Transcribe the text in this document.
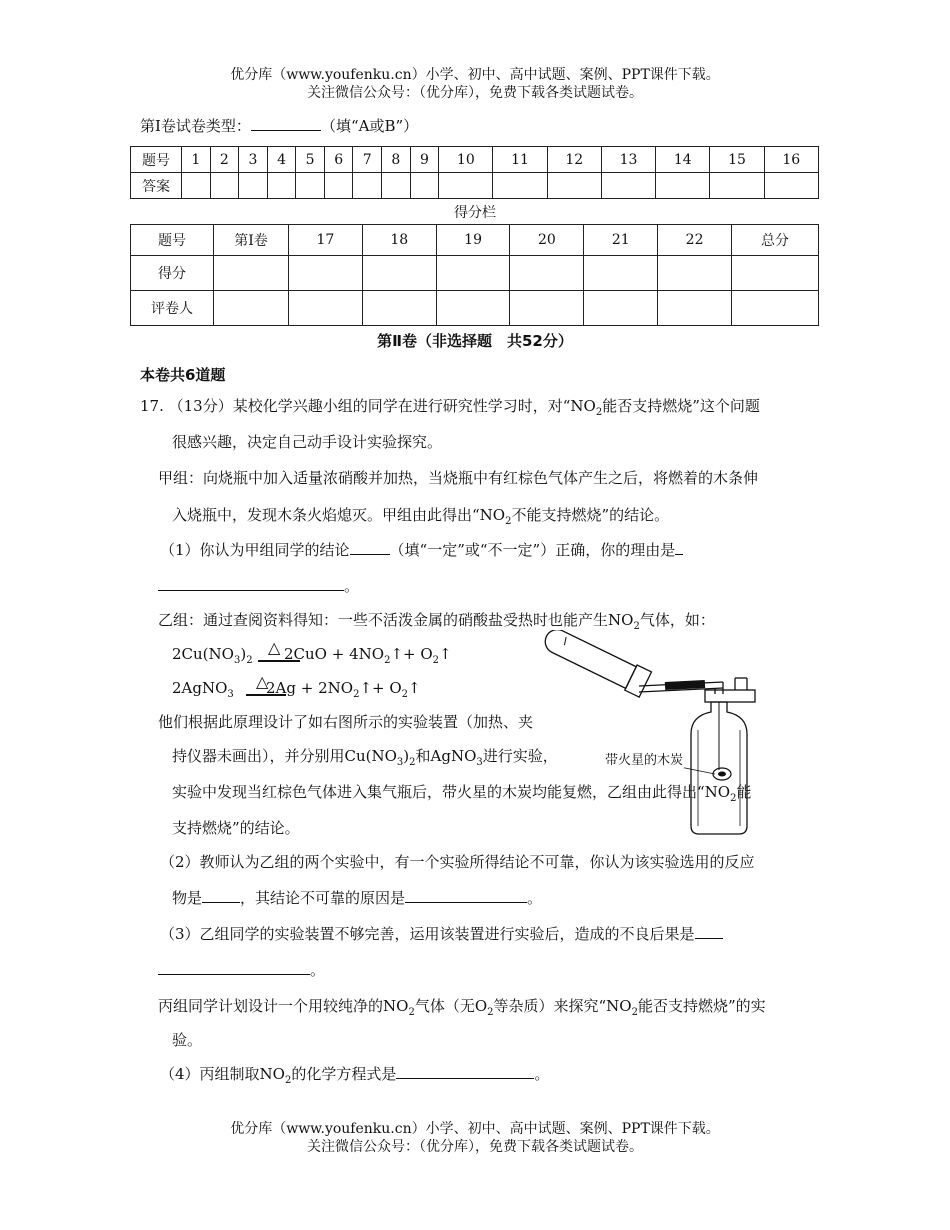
优分库（www.youfenku.cn）小学、初中、高中试题、案例、PPT课件下载。
关注微信公众号：（优分库），免费下载各类试题试卷。
第Ⅰ卷试卷类型：	（填“A或B”）
题号	1	2	3	4	5	6	7	8	9	10	11	12	13	14	15	16
答案																
得分栏
题号	第Ⅰ卷	17	18	19	20	21	22	总分
得分								
评卷人								
第Ⅱ卷（非选择题　共52分）
本卷共6道题
17. （13分）某校化学兴趣小组的同学在进行研究性学习时，对“$NO_2$能否支持燃烧”这个问题
很感兴趣，决定自己动手设计实验探究。
甲组：向烧瓶中加入适量浓硝酸并加热，当烧瓶中有红棕色气体产生之后，将燃着的木条伸
入烧瓶中，发现木条火焰熄灭。甲组由此得出“$NO_2$不能支持燃烧”的结论。
（1）你认为甲组同学的结论	（填“一定”或“不一定”）正确，你的理由是
。
乙组：通过查阅资料得知：一些不活泼金属的硝酸盐受热时也能产生$NO_2$气体，如：
$2Cu(NO_3)_2$
△ $2CuO + 4NO_2↑+$ $O_2↑$
2AgNO$_3$
△
$2Ag + 2NO_2↑+$ $O_2↑$
他们根据此原理设计了如右图所示的实验装置（加热、夹
持仪器未画出），并分别用$Cu(NO_3)_2$和AgNO$_3$进行实验，
实验中发现当红棕色气体进入集气瓶后，带火星的木炭均能复燃，乙组由此得出“$NO_2$能
支持燃烧”的结论。
带火星的木炭
（2）教师认为乙组的两个实验中，有一个实验所得结论不可靠，你认为该实验选用的反应
物是	，其结论不可靠的原因是	。
（3）乙组同学的实验装置不够完善，运用该装置进行实验后，造成的不良后果是
。
丙组同学计划设计一个用较纯净的$NO_2$气体（无$O_2$等杂质）来探究“$NO_2$能否支持燃烧”的实
验。
（4）丙组制取$NO_2$的化学方程式是	。
优分库（www.youfenku.cn）小学、初中、高中试题、案例、PPT课件下载。
关注微信公众号：（优分库），免费下载各类试题试卷。
